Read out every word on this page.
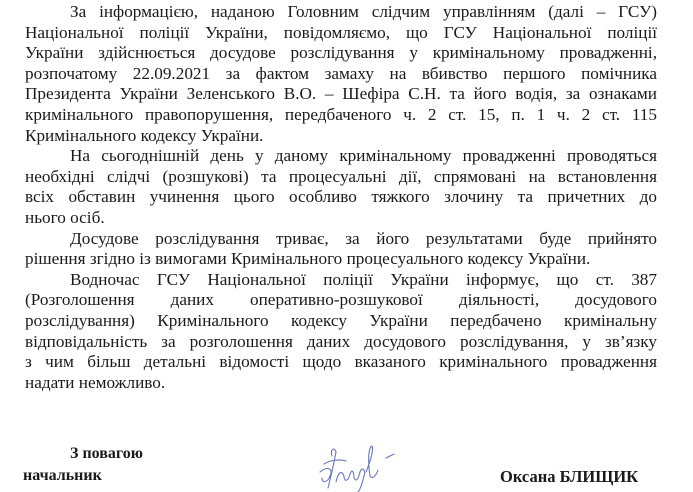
За інформацією, наданою Головним слідчим управлінням (далі – ГСУ)
Національної поліції України, повідомляємо, що ГСУ Національної поліції
України здійснюється досудове розслідування у кримінальному провадженні,
розпочатому 22.09.2021 за фактом замаху на вбивство першого помічника
Президента України Зеленського В.О. – Шефіра С.Н. та його водія, за ознаками
кримінального правопорушення, передбаченого ч. 2 ст. 15, п. 1 ч. 2 ст. 115
Кримінального кодексу України.

На сьогоднішній день у даному кримінальному провадженні проводяться
необхідні слідчі (розшукові) та процесуальні дії, спрямовані на встановлення
всіх обставин учинення цього особливо тяжкого злочину та причетних до
нього осіб.

Досудове розслідування триває, за його результатами буде прийнято
рішення згідно із вимогами Кримінального процесуального кодексу України.

Водночас ГСУ Національної поліції України інформує, що ст. 387
(Розголошення даних оперативно-розшукової діяльності, досудового
розслідування) Кримінального кодексу України передбачено кримінальну
відповідальність за розголошення даних досудового розслідування, у зв’язку
з чим більш детальні відомості щодо вказаного кримінального провадження
надати неможливо.

З повагою
начальник	Оксана БЛИЩИК
